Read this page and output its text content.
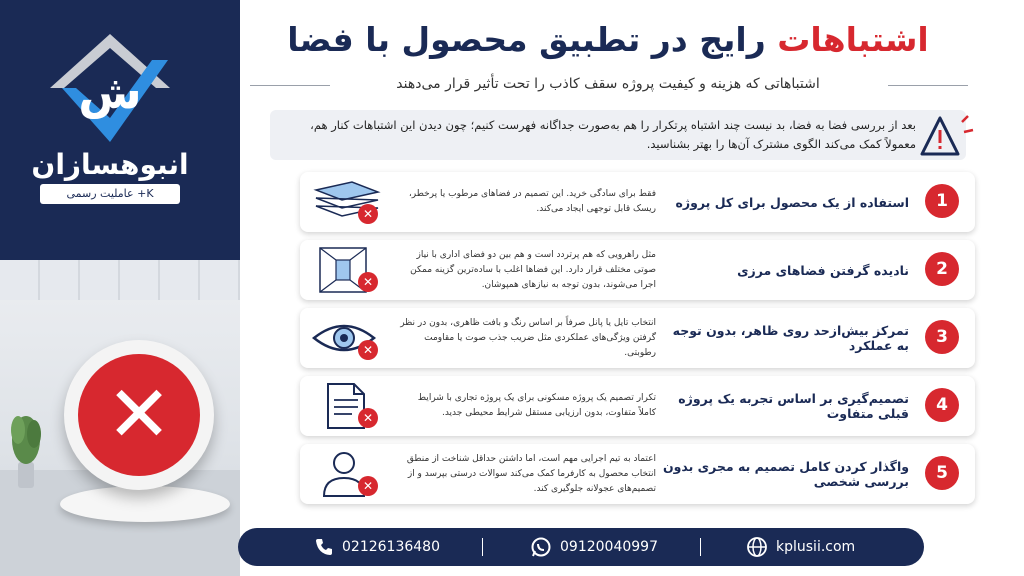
ش
انبوهسازان
K+ عاملیت رسمی
✕
اشتباهات رایج در تطبیق محصول با فضا
اشتباهاتی که هزینه و کیفیت پروژه سقف کاذب را تحت تأثیر قرار می‌دهند
بعد از بررسی فضا به فضا، بد نیست چند اشتباه پرتکرار را هم به‌صورت جداگانه فهرست کنیم؛ چون دیدن این اشتباهات کنار هم، معمولاً کمک می‌کند الگوی مشترک آن‌ها را بهتر بشناسید.
1
استفاده از یک محصول برای کل پروژه
فقط برای سادگی خرید. این تصمیم در فضاهای مرطوب یا پرخطر، ریسک قابل توجهی ایجاد می‌کند.
✕
2
نادیده گرفتن فضاهای مرزی
مثل راهرویی که هم پرتردد است و هم بین دو فضای اداری با نیاز صوتی مختلف قرار دارد. این فضاها اغلب با ساده‌ترین گزینه ممکن اجرا می‌شوند، بدون توجه به نیازهای همپوشان.
✕
3
تمرکز بیش‌ازحد روی ظاهر، بدون توجه به عملکرد
انتخاب تایل یا پانل صرفاً بر اساس رنگ و بافت ظاهری، بدون در نظر گرفتن ویژگی‌های عملکردی مثل ضریب جذب صوت یا مقاومت رطوبتی.
✕
4
تصمیم‌گیری بر اساس تجربه یک پروژه قبلی متفاوت
تکرار تصمیم یک پروژه مسکونی برای یک پروژه تجاری با شرایط کاملاً متفاوت، بدون ارزیابی مستقل شرایط محیطی جدید.
✕
5
واگذار کردن کامل تصمیم به مجری بدون بررسی شخصی
اعتماد به تیم اجرایی مهم است، اما داشتن حداقل شناخت از منطق انتخاب محصول به کارفرما کمک می‌کند سوالات درستی بپرسد و از تصمیم‌های عجولانه جلوگیری کند.
✕
02126136480	09120040997	kplusii.com
